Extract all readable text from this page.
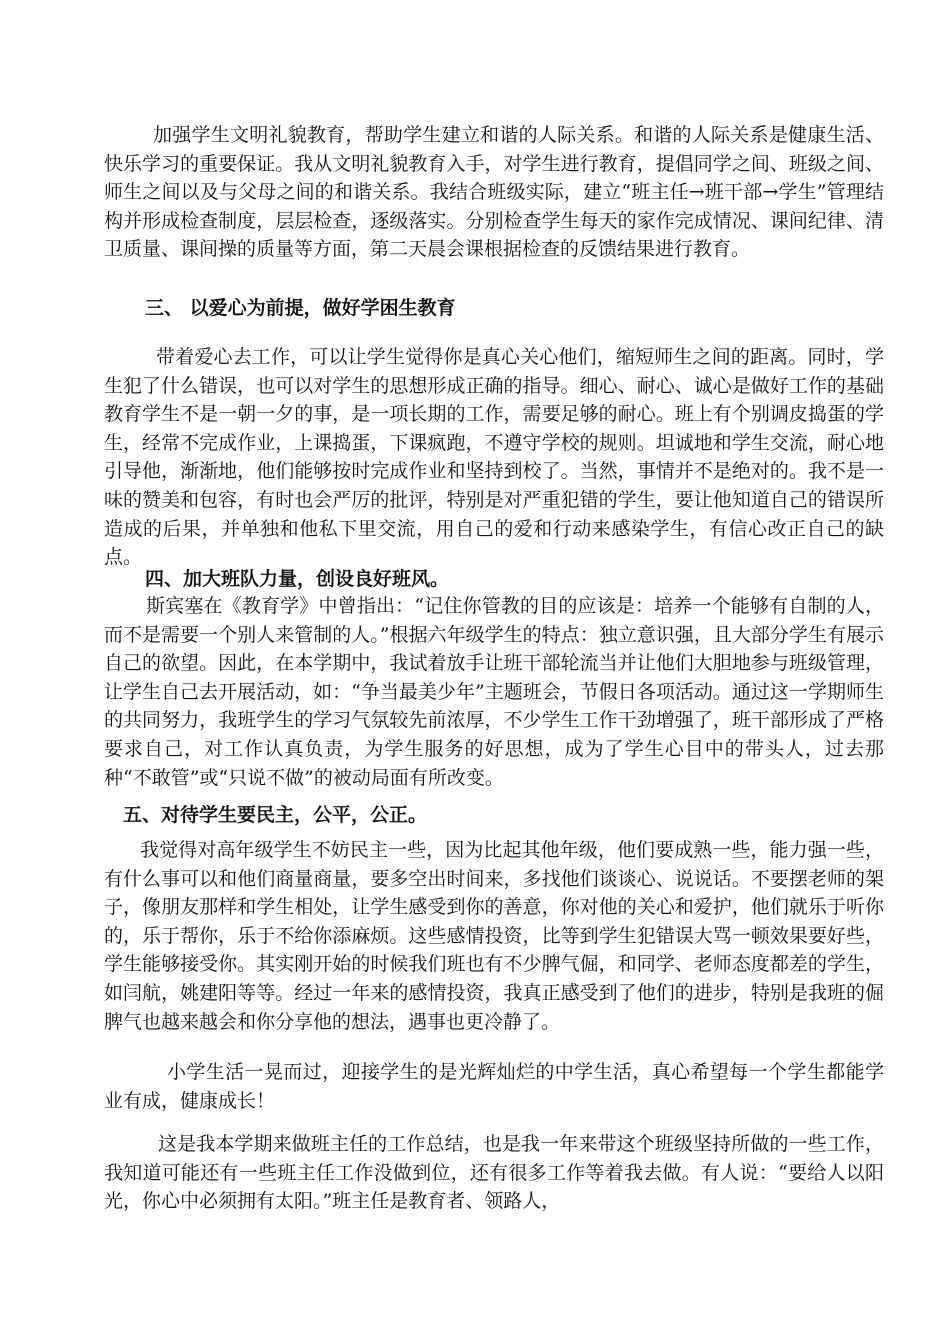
加强学生文明礼貌教育，帮助学生建立和谐的人际关系。和谐的人际关系是健康生活、快乐学习的重要保证。我从文明礼貌教育入手，对学生进行教育，提倡同学之间、班级之间、师生之间以及与父母之间的和谐关系。我结合班级实际，建立“班主任→班干部→学生”管理结构并形成检查制度，层层检查，逐级落实。分别检查学生每天的家作完成情况、课间纪律、清卫质量、课间操的质量等方面，第二天晨会课根据检查的反馈结果进行教育。

三、 以爱心为前提，做好学困生教育

带着爱心去工作，可以让学生觉得你是真心关心他们，缩短师生之间的距离。同时，学生犯了什么错误，也可以对学生的思想形成正确的指导。细心、耐心、诚心是做好工作的基础教育学生不是一朝一夕的事，是一项长期的工作，需要足够的耐心。班上有个别调皮捣蛋的学生，经常不完成作业，上课捣蛋，下课疯跑，不遵守学校的规则。坦诚地和学生交流，耐心地引导他，渐渐地，他们能够按时完成作业和坚持到校了。当然，事情并不是绝对的。我不是一味的赞美和包容，有时也会严厉的批评，特别是对严重犯错的学生，要让他知道自己的错误所造成的后果，并单独和他私下里交流，用自己的爱和行动来感染学生，有信心改正自己的缺点。

四、加大班队力量，创设良好班风。

斯宾塞在《教育学》中曾指出：“记住你管教的目的应该是：培养一个能够有自制的人，而不是需要一个别人来管制的人。”根据六年级学生的特点：独立意识强，且大部分学生有展示自己的欲望。因此，在本学期中，我试着放手让班干部轮流当并让他们大胆地参与班级管理，让学生自己去开展活动，如：“争当最美少年”主题班会，节假日各项活动。通过这一学期师生的共同努力，我班学生的学习气氛较先前浓厚，不少学生工作干劲增强了，班干部形成了严格要求自己，对工作认真负责，为学生服务的好思想，成为了学生心目中的带头人，过去那种“不敢管”或“只说不做”的被动局面有所改变。

五、对待学生要民主，公平，公正。

我觉得对高年级学生不妨民主一些，因为比起其他年级，他们要成熟一些，能力强一些，有什么事可以和他们商量商量，要多空出时间来，多找他们谈谈心、说说话。不要摆老师的架子，像朋友那样和学生相处，让学生感受到你的善意，你对他的关心和爱护，他们就乐于听你的，乐于帮你，乐于不给你添麻烦。这些感情投资，比等到学生犯错误大骂一顿效果要好些，学生能够接受你。其实刚开始的时候我们班也有不少脾气倔，和同学、老师态度都差的学生，如闫航，姚建阳等等。经过一年来的感情投资，我真正感受到了他们的进步，特别是我班的倔脾气也越来越会和你分享他的想法，遇事也更冷静了。

小学生活一晃而过，迎接学生的是光辉灿烂的中学生活，真心希望每一个学生都能学业有成，健康成长！

这是我本学期来做班主任的工作总结，也是我一年来带这个班级坚持所做的一些工作，我知道可能还有一些班主任工作没做到位，还有很多工作等着我去做。有人说：“要给人以阳光，你心中必须拥有太阳。”班主任是教育者、领路人，
